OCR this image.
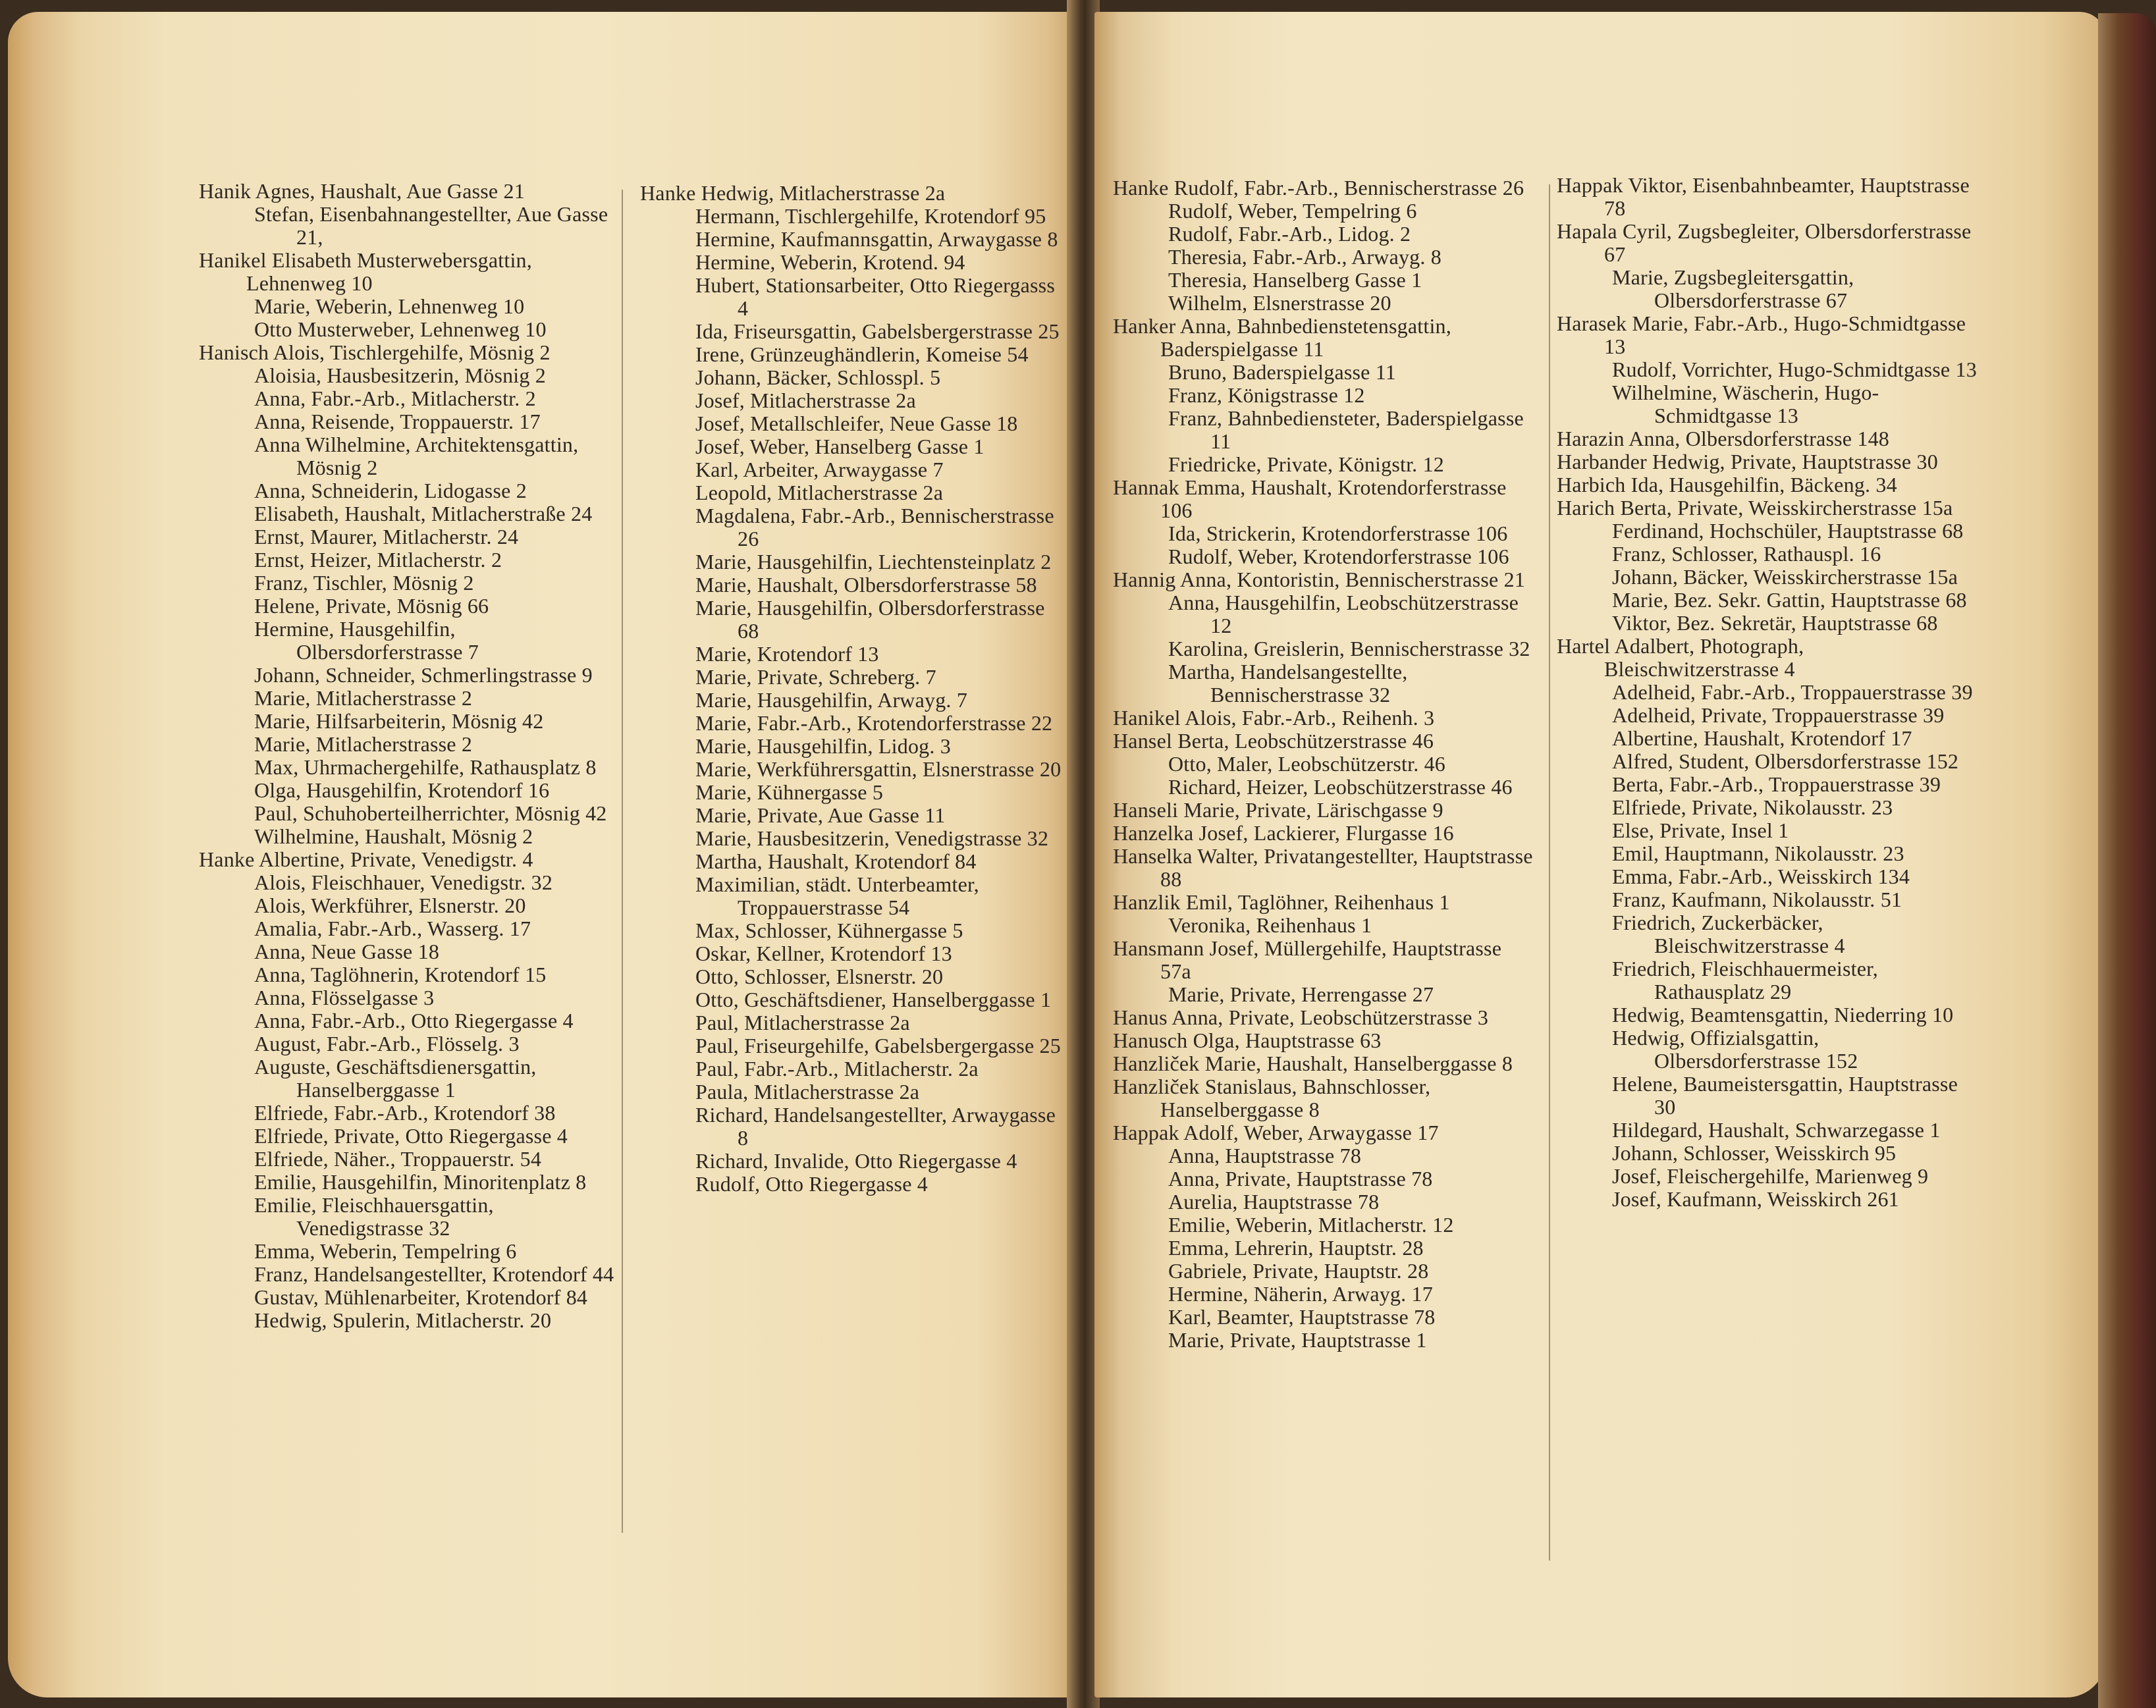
Hanik Agnes, Haushalt, Aue Gasse 21

Stefan, Eisenbahnangestellter, Aue Gasse 21,

Hanikel Elisabeth Musterwebersgattin, Lehnenweg 10

Marie, Weberin, Lehnenweg 10

Otto Musterweber, Lehnenweg 10

Hanisch Alois, Tischlergehilfe, Mösnig 2

Aloisia, Hausbesitzerin, Mösnig 2

Anna, Fabr.-Arb., Mitlacherstr. 2

Anna, Reisende, Troppauerstr. 17

Anna Wilhelmine, Architektensgattin, Mösnig 2

Anna, Schneiderin, Lidogasse 2

Elisabeth, Haushalt, Mitlacherstraße 24

Ernst, Maurer, Mitlacherstr. 24

Ernst, Heizer, Mitlacherstr. 2

Franz, Tischler, Mösnig 2

Helene, Private, Mösnig 66

Hermine, Hausgehilfin, Olbersdorferstrasse 7

Johann, Schneider, Schmerlingstrasse 9

Marie, Mitlacherstrasse 2

Marie, Hilfsarbeiterin, Mösnig 42

Marie, Mitlacherstrasse 2

Max, Uhrmachergehilfe, Rathausplatz 8

Olga, Hausgehilfin, Krotendorf 16

Paul, Schuhoberteilherrichter, Mösnig 42

Wilhelmine, Haushalt, Mösnig 2

Hanke Albertine, Private, Venedigstr. 4

Alois, Fleischhauer, Venedigstr. 32

Alois, Werkführer, Elsnerstr. 20

Amalia, Fabr.-Arb., Wasserg. 17

Anna, Neue Gasse 18

Anna, Taglöhnerin, Krotendorf 15

Anna, Flösselgasse 3

Anna, Fabr.-Arb., Otto Riegergasse 4

August, Fabr.-Arb., Flösselg. 3

Auguste, Geschäftsdienersgattin, Hanselberggasse 1

Elfriede, Fabr.-Arb., Krotendorf 38

Elfriede, Private, Otto Riegergasse 4

Elfriede, Näher., Troppauerstr. 54

Emilie, Hausgehilfin, Minoritenplatz 8

Emilie, Fleischhauersgattin, Venedigstrasse 32

Emma, Weberin, Tempelring 6

Franz, Handelsangestellter, Krotendorf 44

Gustav, Mühlenarbeiter, Krotendorf 84

Hedwig, Spulerin, Mitlacherstr. 20

Hanke Hedwig, Mitlacherstrasse 2a

Hermann, Tischlergehilfe, Krotendorf 95

Hermine, Kaufmannsgattin, Arwaygasse 8

Hermine, Weberin, Krotend. 94

Hubert, Stationsarbeiter, Otto Riegergasss 4

Ida, Friseursgattin, Gabelsbergerstrasse 25

Irene, Grünzeughändlerin, Komeise 54

Johann, Bäcker, Schlosspl. 5

Josef, Mitlacherstrasse 2a

Josef, Metallschleifer, Neue Gasse 18

Josef, Weber, Hanselberg Gasse 1

Karl, Arbeiter, Arwaygasse 7

Leopold, Mitlacherstrasse 2a

Magdalena, Fabr.-Arb., Bennischerstrasse 26

Marie, Hausgehilfin, Liechtensteinplatz 2

Marie, Haushalt, Olbersdorferstrasse 58

Marie, Hausgehilfin, Olbersdorferstrasse 68

Marie, Krotendorf 13

Marie, Private, Schreberg. 7

Marie, Hausgehilfin, Arwayg. 7

Marie, Fabr.-Arb., Krotendorferstrasse 22

Marie, Hausgehilfin, Lidog. 3

Marie, Werkführersgattin, Elsnerstrasse 20

Marie, Kühnergasse 5

Marie, Private, Aue Gasse 11

Marie, Hausbesitzerin, Venedigstrasse 32

Martha, Haushalt, Krotendorf 84

Maximilian, städt. Unterbeamter, Troppauerstrasse 54

Max, Schlosser, Kühnergasse 5

Oskar, Kellner, Krotendorf 13

Otto, Schlosser, Elsnerstr. 20

Otto, Geschäftsdiener, Hanselberggasse 1

Paul, Mitlacherstrasse 2a

Paul, Friseurgehilfe, Gabelsbergergasse 25

Paul, Fabr.-Arb., Mitlacherstr. 2a

Paula, Mitlacherstrasse 2a

Richard, Handelsangestellter, Arwaygasse 8

Richard, Invalide, Otto Riegergasse 4

Rudolf, Otto Riegergasse 4

Hanke Rudolf, Fabr.-Arb., Bennischerstrasse 26

Rudolf, Weber, Tempelring 6

Rudolf, Fabr.-Arb., Lidog. 2

Theresia, Fabr.-Arb., Arwayg. 8

Theresia, Hanselberg Gasse 1

Wilhelm, Elsnerstrasse 20

Hanker Anna, Bahnbedienstetensgattin, Baderspielgasse 11

Bruno, Baderspielgasse 11

Franz, Königstrasse 12

Franz, Bahnbediensteter, Baderspielgasse 11

Friedricke, Private, Königstr. 12

Hannak Emma, Haushalt, Krotendorferstrasse 106

Ida, Strickerin, Krotendorferstrasse 106

Rudolf, Weber, Krotendorferstrasse 106

Hannig Anna, Kontoristin, Bennischerstrasse 21

Anna, Hausgehilfin, Leobschützerstrasse 12

Karolina, Greislerin, Bennischerstrasse 32

Martha, Handelsangestellte, Bennischerstrasse 32

Hanikel Alois, Fabr.-Arb., Reihenh. 3

Hansel Berta, Leobschützerstrasse 46

Otto, Maler, Leobschützerstr. 46

Richard, Heizer, Leobschützerstrasse 46

Hanseli Marie, Private, Lärischgasse 9

Hanzelka Josef, Lackierer, Flurgasse 16

Hanselka Walter, Privatangestellter, Hauptstrasse 88

Hanzlik Emil, Taglöhner, Reihenhaus 1

Veronika, Reihenhaus 1

Hansmann Josef, Müllergehilfe, Hauptstrasse 57a

Marie, Private, Herrengasse 27

Hanus Anna, Private, Leobschützerstrasse 3

Hanusch Olga, Hauptstrasse 63

Hanzliček Marie, Haushalt, Hanselberggasse 8

Hanzliček Stanislaus, Bahnschlosser, Hanselberggasse 8

Happak Adolf, Weber, Arwaygasse 17

Anna, Hauptstrasse 78

Anna, Private, Hauptstrasse 78

Aurelia, Hauptstrasse 78

Emilie, Weberin, Mitlacherstr. 12

Emma, Lehrerin, Hauptstr. 28

Gabriele, Private, Hauptstr. 28

Hermine, Näherin, Arwayg. 17

Karl, Beamter, Hauptstrasse 78

Marie, Private, Hauptstrasse 1

Happak Viktor, Eisenbahnbeamter, Hauptstrasse 78

Hapala Cyril, Zugsbegleiter, Olbersdorferstrasse 67

Marie, Zugsbegleitersgattin, Olbersdorferstrasse 67

Harasek Marie, Fabr.-Arb., Hugo-Schmidtgasse 13

Rudolf, Vorrichter, Hugo-Schmidtgasse 13

Wilhelmine, Wäscherin, Hugo-Schmidtgasse 13

Harazin Anna, Olbersdorferstrasse 148

Harbander Hedwig, Private, Hauptstrasse 30

Harbich Ida, Hausgehilfin, Bäckeng. 34

Harich Berta, Private, Weisskircherstrasse 15a

Ferdinand, Hochschüler, Hauptstrasse 68

Franz, Schlosser, Rathauspl. 16

Johann, Bäcker, Weisskircherstrasse 15a

Marie, Bez. Sekr. Gattin, Hauptstrasse 68

Viktor, Bez. Sekretär, Hauptstrasse 68

Hartel Adalbert, Photograph, Bleischwitzerstrasse 4

Adelheid, Fabr.-Arb., Troppauerstrasse 39

Adelheid, Private, Troppauerstrasse 39

Albertine, Haushalt, Krotendorf 17

Alfred, Student, Olbersdorferstrasse 152

Berta, Fabr.-Arb., Troppauerstrasse 39

Elfriede, Private, Nikolausstr. 23

Else, Private, Insel 1

Emil, Hauptmann, Nikolausstr. 23

Emma, Fabr.-Arb., Weisskirch 134

Franz, Kaufmann, Nikolausstr. 51

Friedrich, Zuckerbäcker, Bleischwitzerstrasse 4

Friedrich, Fleischhauermeister, Rathausplatz 29

Hedwig, Beamtensgattin, Niederring 10

Hedwig, Offizialsgattin, Olbersdorferstrasse 152

Helene, Baumeistersgattin, Hauptstrasse 30

Hildegard, Haushalt, Schwarzegasse 1

Johann, Schlosser, Weisskirch 95

Josef, Fleischergehilfe, Marienweg 9

Josef, Kaufmann, Weisskirch 261
